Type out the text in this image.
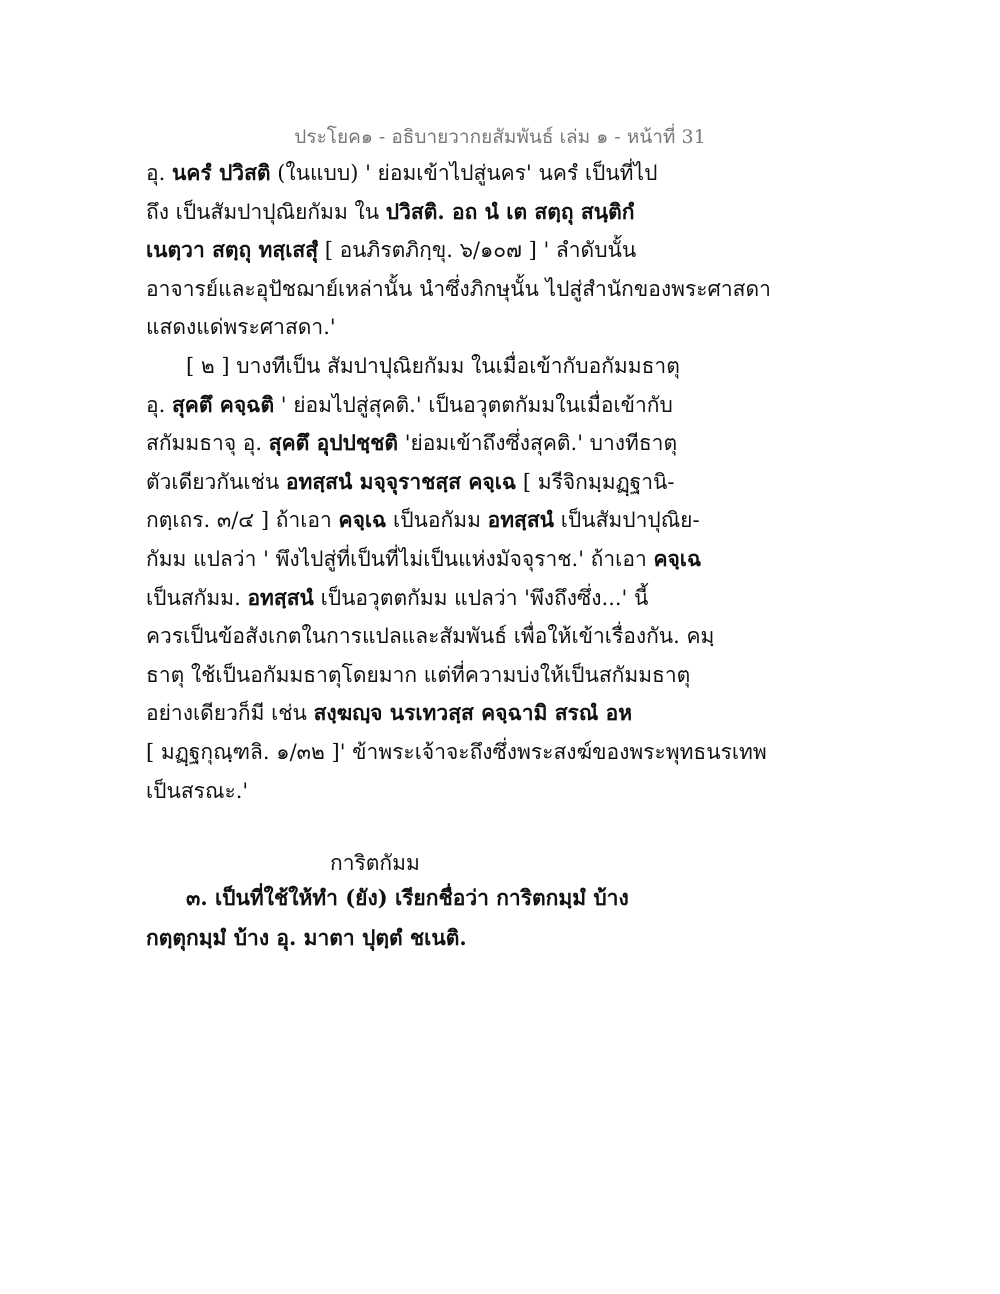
ประโยค๑ - อธิบายวากยสัมพันธ์ เล่ม ๑ - หน้าที่ 31
อุ. นครํ ปวิสติ (ในแบบ) ' ย่อมเข้าไปสู่นคร' นครํ เป็นที่ไป
ถึง เป็นสัมปาปุณิยกัมม ใน ปวิสติ. อถ นํ เต สตฺถุ สนฺติกํ
เนตฺวา สตฺถุ ทสฺเสสุํ [ อนภิรตภิกฺขุ. ๖/๑๐๗ ] ' ลำดับนั้น
อาจารย์และอุปัชฌาย์เหล่านั้น นำซึ่งภิกษุนั้น ไปสู่สำนักของพระศาสดา
แสดงแด่พระศาสดา.'
[ ๒ ] บางทีเป็น สัมปาปุณิยกัมม ในเมื่อเข้ากับอกัมมธาตุ
อุ. สุคตึ คจฺฉติ ' ย่อมไปสู่สุคติ.' เป็นอวุตตกัมมในเมื่อเข้ากับ
สกัมมธาจุ อุ. สุคตึ อุปปชฺชติ 'ย่อมเข้าถึงซึ่งสุคติ.' บางทีธาตุ
ตัวเดียวกันเช่น อทสฺสนํ มจฺจุราชสฺส คจฺเฉ [ มรีจิกมฺมฏฺฐานิ-
กตฺเถร. ๓/๔ ] ถ้าเอา คจฺเฉ เป็นอกัมม อทสฺสนํ เป็นสัมปาปุณิย-
กัมม แปลว่า ' พึงไปสู่ที่เป็นที่ไม่เป็นแห่งมัจจุราช.' ถ้าเอา คจฺเฉ
เป็นสกัมม. อทสฺสนํ เป็นอวุตตกัมม แปลว่า 'พึงถึงซึ่ง...' นี้
ควรเป็นข้อสังเกตในการแปลและสัมพันธ์ เพื่อให้เข้าเรื่องกัน. คมฺ
ธาตุ ใช้เป็นอกัมมธาตุโดยมาก แต่ที่ความบ่งให้เป็นสกัมมธาตุ
อย่างเดียวก็มี เช่น สงฺฆญฺจ นรเทวสฺส คจฺฉามิ สรณํ อห
[ มฏฺฐกุณฺฑลิ. ๑/๓๒ ]' ข้าพระเจ้าจะถึงซึ่งพระสงฆ์ของพระพุทธนรเทพ
เป็นสรณะ.'
การิตกัมม
๓. เป็นที่ใช้ให้ทำ (ยัง) เรียกชื่อว่า การิตกมฺมํ บ้าง
กตฺตุกมฺมํ บ้าง อุ. มาตา ปุตฺตํ ชเนติ.
